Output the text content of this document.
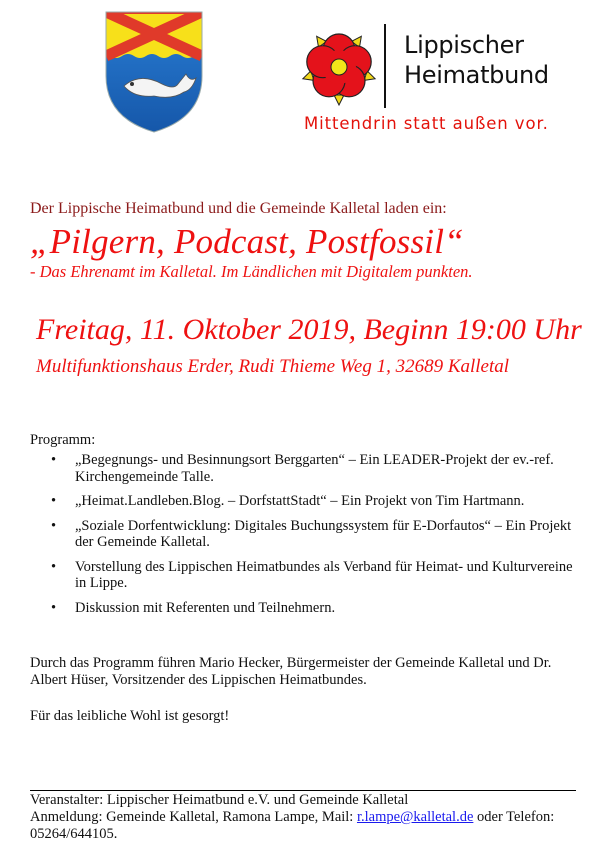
Lippischer
Heimatbund
Mittendrin statt außen vor.
Der Lippische Heimatbund und die Gemeinde Kalletal laden ein:
„Pilgern, Podcast, Postfossil“
- Das Ehrenamt im Kalletal. Im Ländlichen mit Digitalem punkten.
Freitag, 11. Oktober 2019, Beginn 19:00 Uhr
Multifunktionshaus Erder, Rudi Thieme Weg 1, 32689 Kalletal
Programm:
• „Begegnungs- und Besinnungsort Berggarten“ – Ein LEADER-Projekt der ev.-ref. Kirchengemeinde Talle.
• „Heimat.Landleben.Blog. – DorfstattStadt“ – Ein Projekt von Tim Hartmann.
• „Soziale Dorfentwicklung: Digitales Buchungssystem für E-Dorfautos“ – Ein Projekt der Gemeinde Kalletal.
• Vorstellung des Lippischen Heimatbundes als Verband für Heimat- und Kulturvereine in Lippe.
• Diskussion mit Referenten und Teilnehmern.
Durch das Programm führen Mario Hecker, Bürgermeister der Gemeinde Kalletal und Dr. Albert Hüser, Vorsitzender des Lippischen Heimatbundes.
Für das leibliche Wohl ist gesorgt!
Veranstalter: Lippischer Heimatbund e.V. und Gemeinde Kalletal
Anmeldung: Gemeinde Kalletal, Ramona Lampe, Mail: r.lampe@kalletal.de oder Telefon: 05264/644105.
